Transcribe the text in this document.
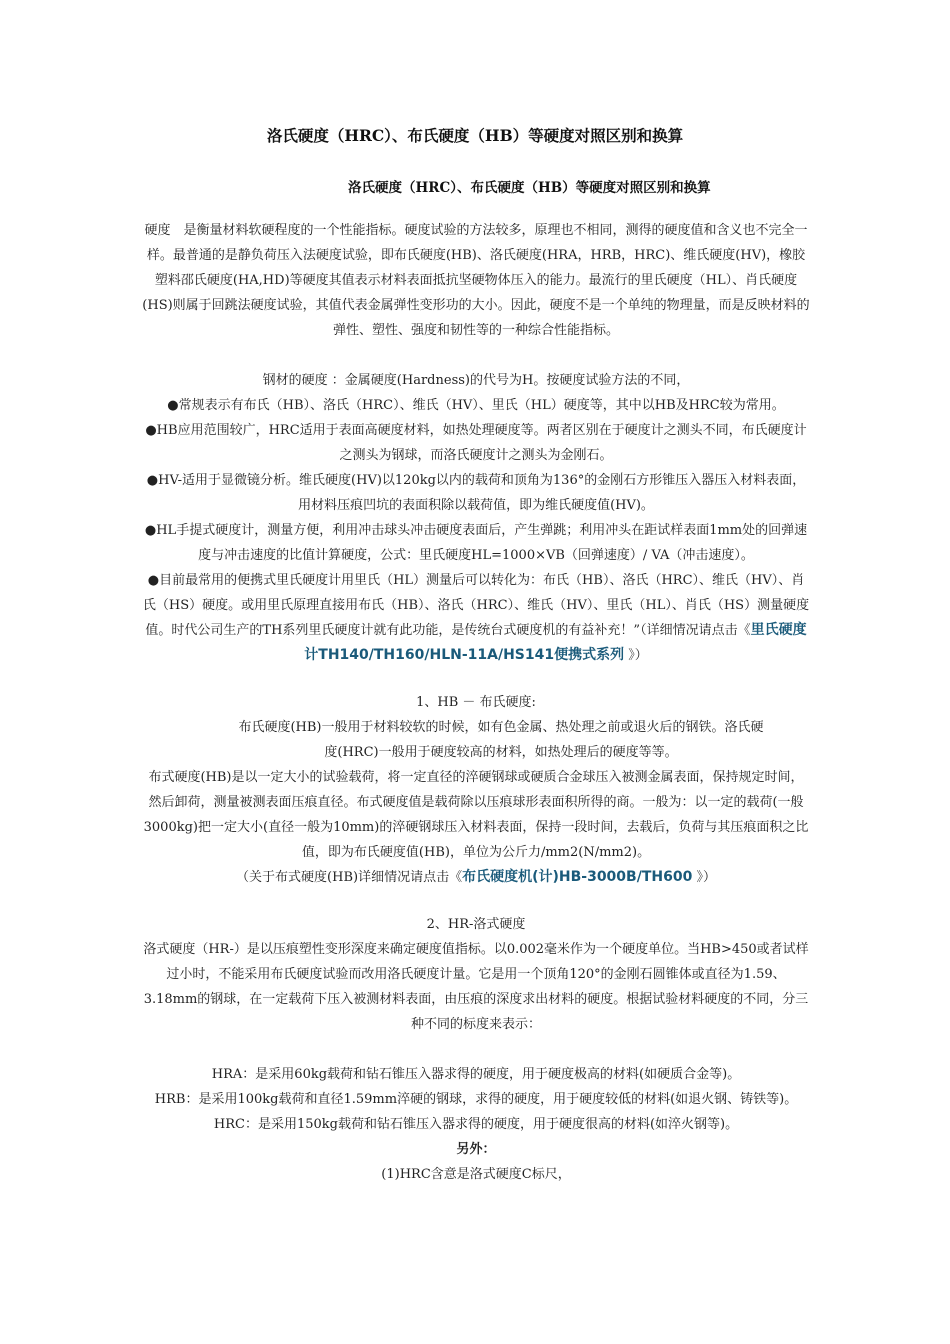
洛氏硬度（HRC）、布氏硬度（HB）等硬度对照区别和换算
洛氏硬度（HRC）、布氏硬度（HB）等硬度对照区别和换算

硬度　是衡量材料软硬程度的一个性能指标。硬度试验的方法较多，原理也不相同，测得的硬度值和含义也不完全一样。最普通的是静负荷压入法硬度试验，即布氏硬度(HB)、洛氏硬度(HRA，HRB，HRC)、维氏硬度(HV)，橡胶塑料邵氏硬度(HA,HD)等硬度其值表示材料表面抵抗坚硬物体压入的能力。最流行的里氏硬度（HL）、肖氏硬度(HS)则属于回跳法硬度试验，其值代表金属弹性变形功的大小。因此，硬度不是一个单纯的物理量，而是反映材料的弹性、塑性、强度和韧性等的一种综合性能指标。

钢材的硬度 ：金属硬度(Hardness)的代号为H。按硬度试验方法的不同，

●常规表示有布氏（HB）、洛氏（HRC）、维氏（HV）、里氏（HL）硬度等，其中以HB及HRC较为常用。

●HB应用范围较广，HRC适用于表面高硬度材料，如热处理硬度等。两者区别在于硬度计之测头不同，布氏硬度计之测头为钢球，而洛氏硬度计之测头为金刚石。

●HV-适用于显微镜分析。维氏硬度(HV)以120kg以内的载荷和顶角为136°的金刚石方形锥压入器压入材料表面，用材料压痕凹坑的表面积除以载荷值，即为维氏硬度值(HV)。

●HL手提式硬度计，测量方便，利用冲击球头冲击硬度表面后，产生弹跳；利用冲头在距试样表面1mm处的回弹速度与冲击速度的比值计算硬度，公式：里氏硬度HL=1000×VB（回弹速度）/ VA（冲击速度）。

●目前最常用的便携式里氏硬度计用里氏（HL）测量后可以转化为：布氏（HB）、洛氏（HRC）、维氏（HV）、肖氏（HS）硬度。或用里氏原理直接用布氏（HB）、洛氏（HRC）、维氏（HV）、里氏（HL）、肖氏（HS）测量硬度值。时代公司生产的TH系列里氏硬度计就有此功能，是传统台式硬度机的有益补充！”（详细情况请点击《里氏硬度计TH140/TH160/HLN-11A/HS141便携式系列 》）

1、HB － 布氏硬度:

布氏硬度(HB)一般用于材料较软的时候，如有色金属、热处理之前或退火后的钢铁。洛氏硬度(HRC)一般用于硬度较高的材料，如热处理后的硬度等等。

布式硬度(HB)是以一定大小的试验载荷，将一定直径的淬硬钢球或硬质合金球压入被测金属表面，保持规定时间，然后卸荷，测量被测表面压痕直径。布式硬度值是载荷除以压痕球形表面积所得的商。一般为：以一定的载荷(一般3000kg)把一定大小(直径一般为10mm)的淬硬钢球压入材料表面，保持一段时间，去载后，负荷与其压痕面积之比值，即为布氏硬度值(HB)，单位为公斤力/mm2(N/mm2)。

（关于布式硬度(HB)详细情况请点击《布氏硬度机(计)HB-3000B/TH600 》）

2、HR-洛式硬度

洛式硬度（HR-）是以压痕塑性变形深度来确定硬度值指标。以0.002毫米作为一个硬度单位。当HB>450或者试样过小时，不能采用布氏硬度试验而改用洛氏硬度计量。它是用一个顶角120°的金刚石圆锥体或直径为1.59、3.18mm的钢球，在一定载荷下压入被测材料表面，由压痕的深度求出材料的硬度。根据试验材料硬度的不同，分三种不同的标度来表示：

HRA：是采用60kg载荷和钻石锥压入器求得的硬度，用于硬度极高的材料(如硬质合金等)。

HRB：是采用100kg载荷和直径1.59mm淬硬的钢球，求得的硬度，用于硬度较低的材料(如退火钢、铸铁等)。

HRC：是采用150kg载荷和钻石锥压入器求得的硬度，用于硬度很高的材料(如淬火钢等)。

另外：

(1)HRC含意是洛式硬度C标尺，
